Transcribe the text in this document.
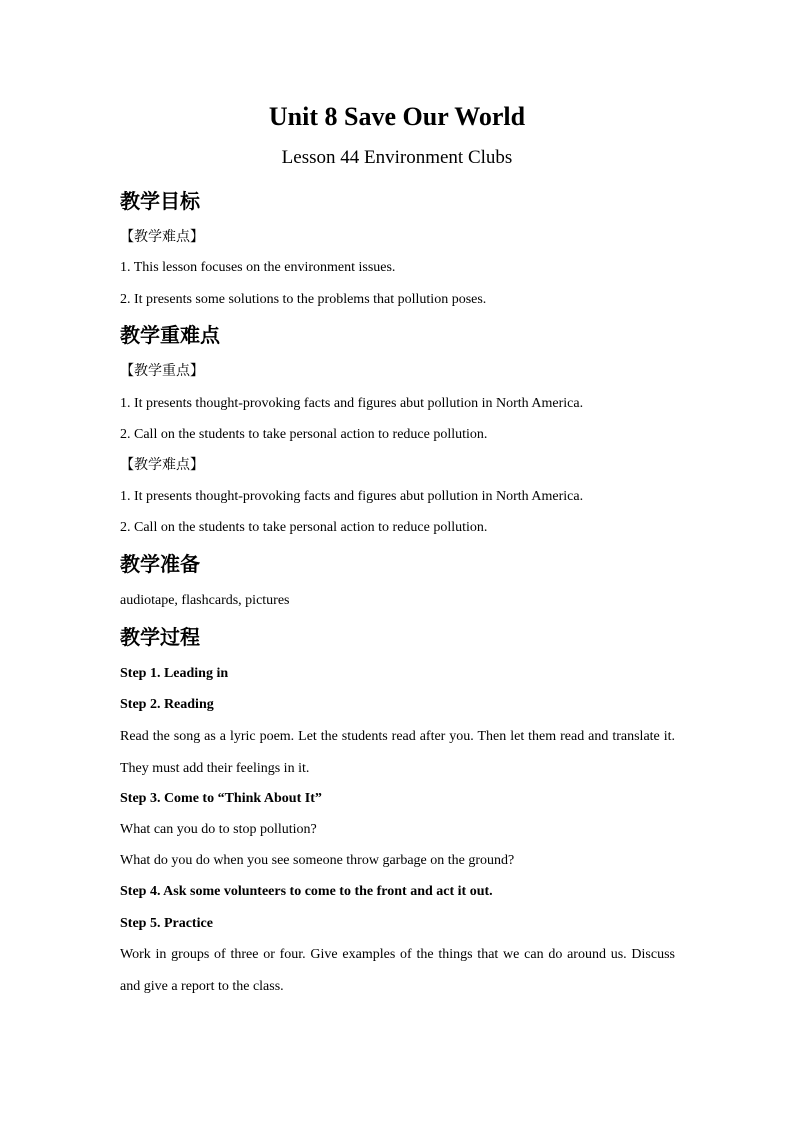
Unit 8 Save Our World
Lesson 44 Environment Clubs
教学目标
【教学难点】
1. This lesson focuses on the environment issues.
2. It presents some solutions to the problems that pollution poses.
教学重难点
【教学重点】
1. It presents thought-provoking facts and figures abut pollution in North America.
2. Call on the students to take personal action to reduce pollution.
【教学难点】
1. It presents thought-provoking facts and figures abut pollution in North America.
2. Call on the students to take personal action to reduce pollution.
教学准备
audiotape, flashcards, pictures
教学过程
Step 1. Leading in
Step 2. Reading
Read the song as a lyric poem. Let the students read after you. Then let them read and translate it. They must add their feelings in it.
Step 3. Come to “Think About It”
What can you do to stop pollution?
What do you do when you see someone throw garbage on the ground?
Step 4. Ask some volunteers to come to the front and act it out.
Step 5. Practice
Work in groups of three or four. Give examples of the things that we can do around us. Discuss and give a report to the class.
